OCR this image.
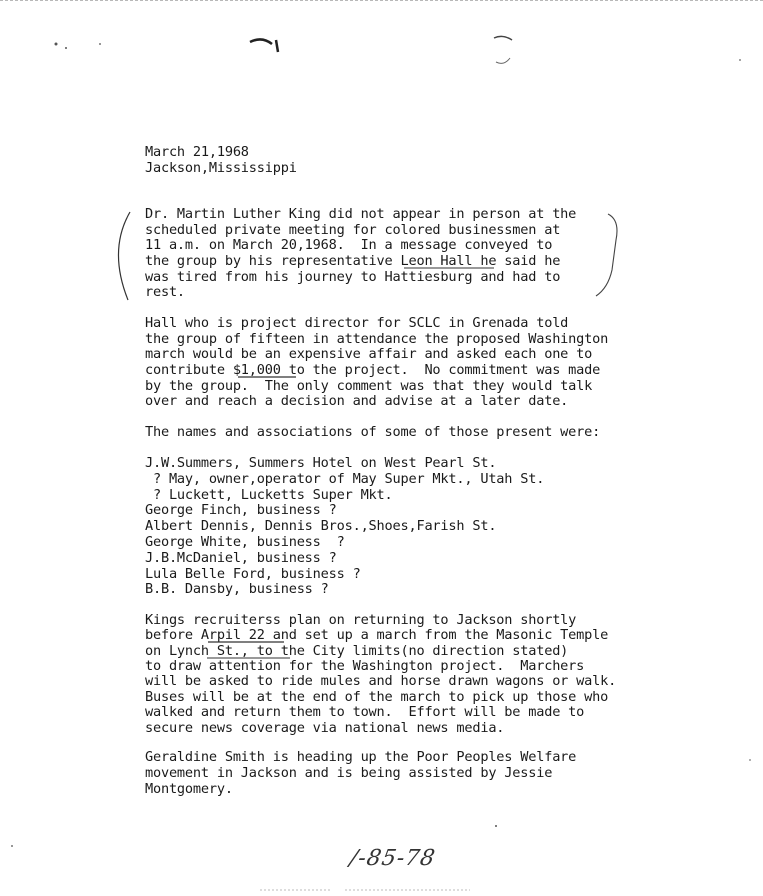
March 21,1968
Jackson,Mississippi
Dr. Martin Luther King did not appear in person at the
scheduled private meeting for colored businessmen at
11 a.m. on March 20,1968.  In a message conveyed to
the group by his representative Leon Hall he said he
was tired from his journey to Hattiesburg and had to
rest.
Hall who is project director for SCLC in Grenada told
the group of fifteen in attendance the proposed Washington
march would be an expensive affair and asked each one to
contribute $1,000 to the project.  No commitment was made
by the group.  The only comment was that they would talk
over and reach a decision and advise at a later date.
The names and associations of some of those present were:
J.W.Summers, Summers Hotel on West Pearl St.
? May, owner,operator of May Super Mkt., Utah St.
? Luckett, Lucketts Super Mkt.
George Finch, business ?
Albert Dennis, Dennis Bros.,Shoes,Farish St.
George White, business  ?
J.B.McDaniel, business ?
Lula Belle Ford, business ?
B.B. Dansby, business ?
Kings recruiterss plan on returning to Jackson shortly
before Arpil 22 and set up a march from the Masonic Temple
on Lynch St., to the City limits(no direction stated)
to draw attention for the Washington project.  Marchers
will be asked to ride mules and horse drawn wagons or walk.
Buses will be at the end of the march to pick up those who
walked and return them to town.  Effort will be made to
secure news coverage via national news media.
Geraldine Smith is heading up the Poor Peoples Welfare
movement in Jackson and is being assisted by Jessie
Montgomery.
/-85-78
